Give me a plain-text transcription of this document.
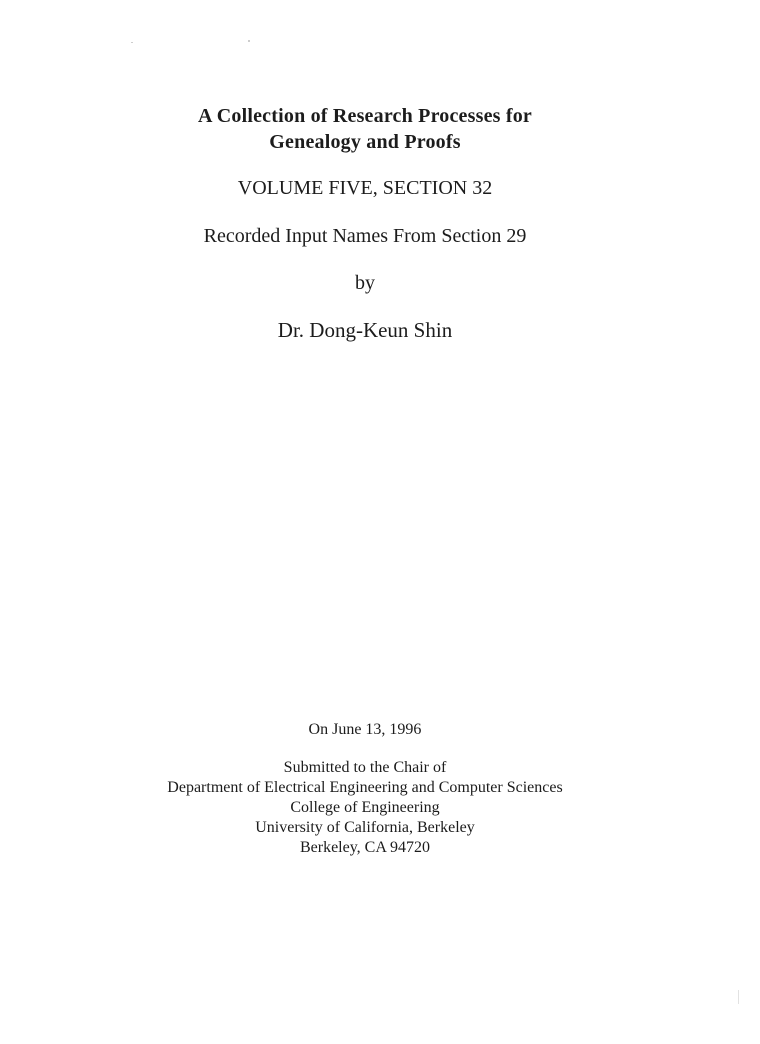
A Collection of Research Processes for
Genealogy and Proofs
VOLUME FIVE, SECTION 32
Recorded Input Names From Section 29
by
Dr. Dong-Keun Shin
On June 13, 1996
Submitted to the Chair of
Department of Electrical Engineering and Computer Sciences
College of Engineering
University of California, Berkeley
Berkeley, CA 94720
